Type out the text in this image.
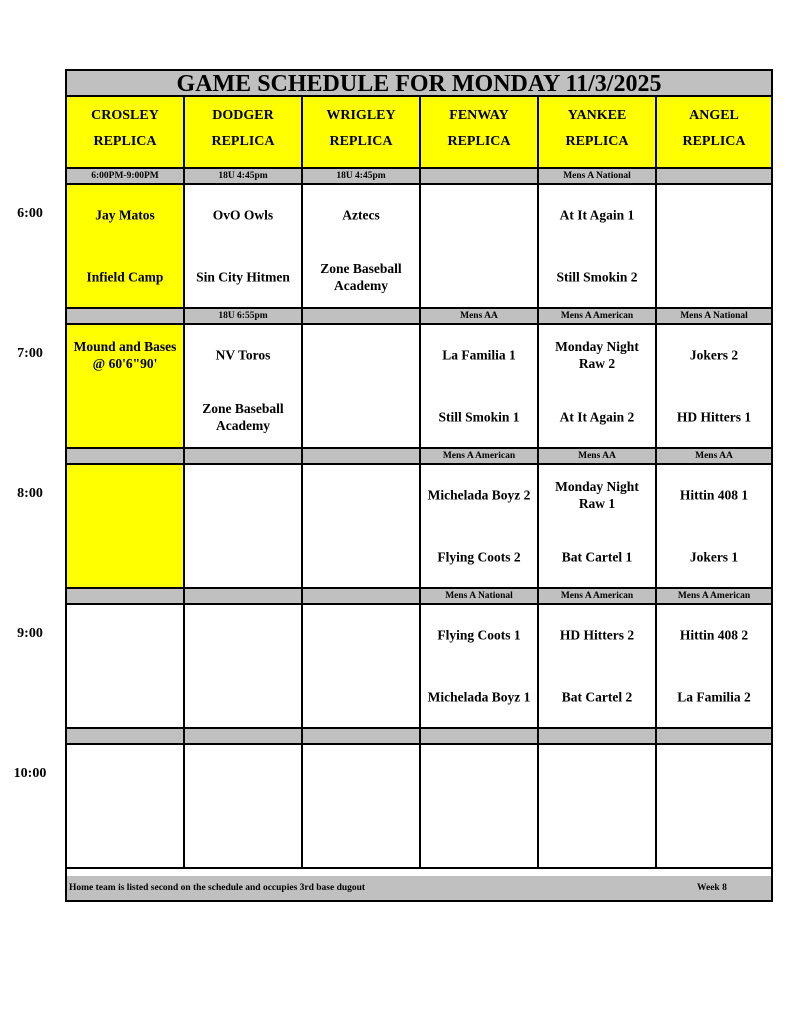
GAME SCHEDULE FOR MONDAY 11/3/2025
Home team is listed second on the schedule and occupies 3rd base dugout	Week 8
CROSLEY
REPLICA
DODGER
REPLICA
WRIGLEY
REPLICA
FENWAY
REPLICA
YANKEE
REPLICA
ANGEL
REPLICA
6:00PM-9:00PM
Jay Matos
Infield Camp
18U 4:45pm
OvO Owls
Sin City Hitmen
18U 4:45pm
Aztecs
Zone Baseball Academy
Mens A National
At It Again 1
Still Smokin 2
Mound and Bases @ 60'6"90'
18U 6:55pm
NV Toros
Zone Baseball Academy
Mens AA
La Familia 1
Still Smokin 1
Mens A American
Monday Night Raw 2
At It Again 2
Mens A National
Jokers 2
HD Hitters 1
Mens A American
Michelada Boyz 2
Flying Coots 2
Mens AA
Monday Night Raw 1
Bat Cartel 1
Mens AA
Hittin 408 1
Jokers 1
Mens A National
Flying Coots 1
Michelada Boyz 1
Mens A American
HD Hitters 2
Bat Cartel 2
Mens A American
Hittin 408 2
La Familia 2
6:00
7:00
8:00
9:00
10:00
